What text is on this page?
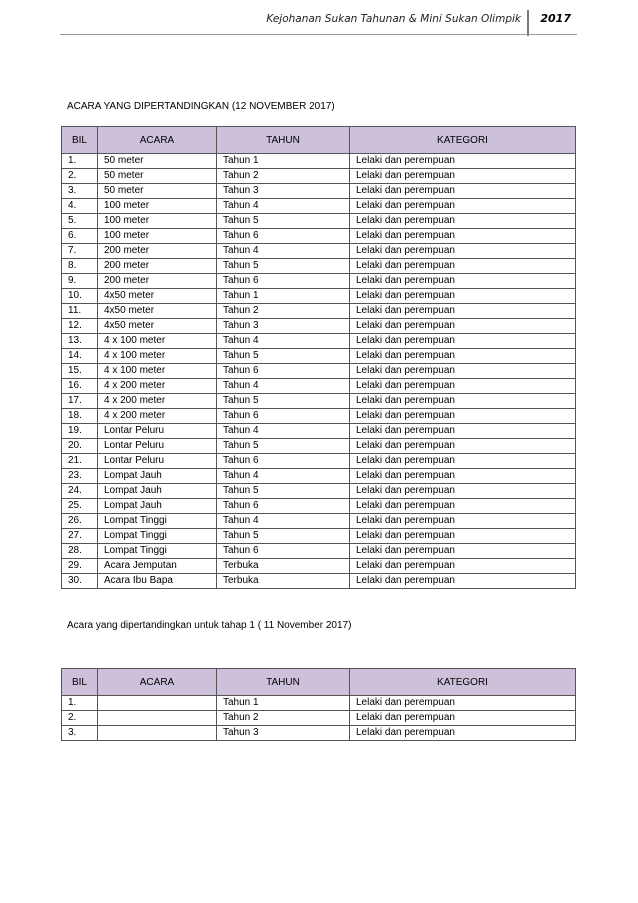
Kejohanan Sukan Tahunan & Mini Sukan Olimpik 2017
ACARA YANG DIPERTANDINGKAN (12 NOVEMBER 2017)
BIL	ACARA	TAHUN	KATEGORI
1.	50 meter	Tahun 1	Lelaki dan perempuan
2.	50 meter	Tahun 2	Lelaki dan perempuan
3.	50 meter	Tahun 3	Lelaki dan perempuan
4.	100 meter	Tahun 4	Lelaki dan perempuan
5.	100 meter	Tahun 5	Lelaki dan perempuan
6.	100 meter	Tahun 6	Lelaki dan perempuan
7.	200 meter	Tahun 4	Lelaki dan perempuan
8.	200 meter	Tahun 5	Lelaki dan perempuan
9.	200 meter	Tahun 6	Lelaki dan perempuan
10.	4x50 meter	Tahun 1	Lelaki dan perempuan
11.	4x50 meter	Tahun 2	Lelaki dan perempuan
12.	4x50 meter	Tahun 3	Lelaki dan perempuan
13.	4 x 100 meter	Tahun 4	Lelaki dan perempuan
14.	4 x 100 meter	Tahun 5	Lelaki dan perempuan
15.	4 x 100 meter	Tahun 6	Lelaki dan perempuan
16.	4 x 200 meter	Tahun 4	Lelaki dan perempuan
17.	4 x 200 meter	Tahun 5	Lelaki dan perempuan
18.	4 x 200 meter	Tahun 6	Lelaki dan perempuan
19.	Lontar Peluru	Tahun 4	Lelaki dan perempuan
20.	Lontar Peluru	Tahun 5	Lelaki dan perempuan
21.	Lontar Peluru	Tahun 6	Lelaki dan perempuan
23.	Lompat Jauh	Tahun 4	Lelaki dan perempuan
24.	Lompat Jauh	Tahun 5	Lelaki dan perempuan
25.	Lompat Jauh	Tahun 6	Lelaki dan perempuan
26.	Lompat Tinggi	Tahun 4	Lelaki dan perempuan
27.	Lompat Tinggi	Tahun 5	Lelaki dan perempuan
28.	Lompat Tinggi	Tahun 6	Lelaki dan perempuan
29.	Acara Jemputan	Terbuka	Lelaki dan perempuan
30.	Acara Ibu Bapa	Terbuka	Lelaki dan perempuan
Acara yang dipertandingkan untuk tahap 1 ( 11 November 2017)
BIL	ACARA	TAHUN	KATEGORI
1.		Tahun 1	Lelaki dan perempuan
2.		Tahun 2	Lelaki dan perempuan
3.		Tahun 3	Lelaki dan perempuan
